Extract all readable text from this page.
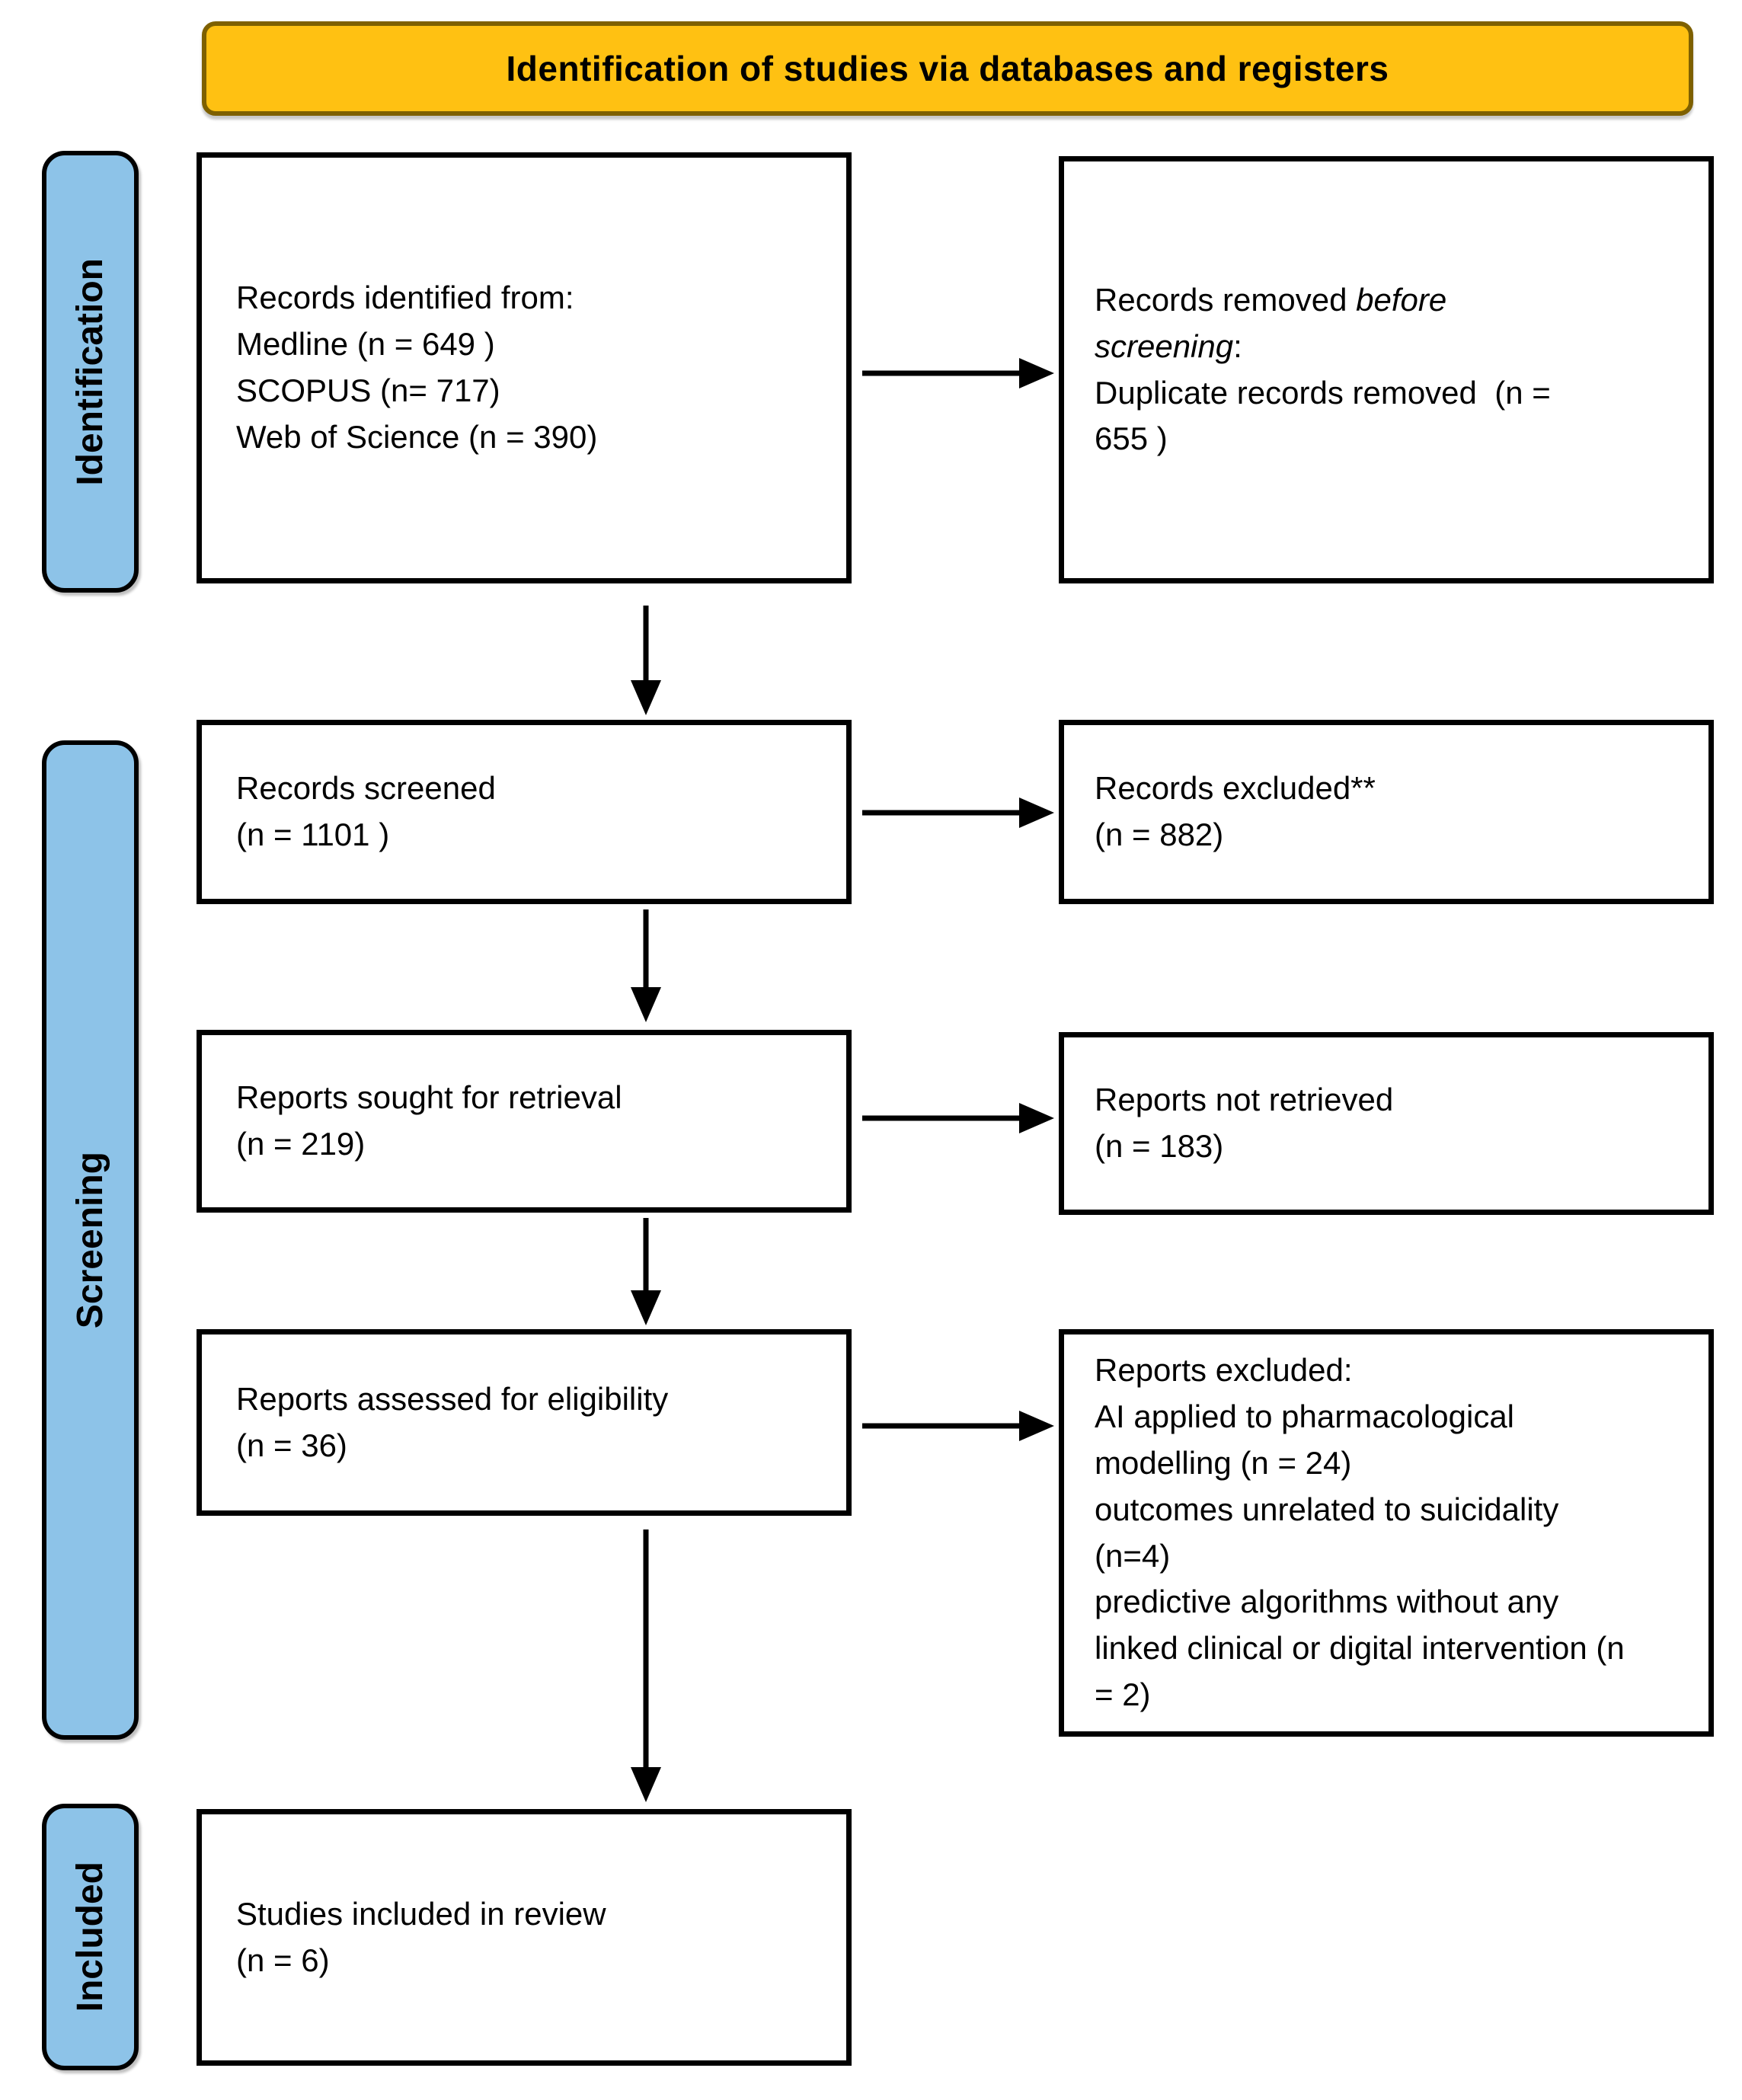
Identification of studies via databases and registers
Identification
Screening
Included
Records identified from:
Medline (n = 649 )
SCOPUS (n= 717)
Web of Science (n = 390)
Records screened
(n = 1101 )
Reports sought for retrieval
(n = 219)
Reports assessed for eligibility
(n = 36)
Studies included in review
(n = 6)
Records removed before screening:
Duplicate records removed  (n = 655 )
Records excluded**
(n = 882)
Reports not retrieved
(n = 183)
Reports excluded:
AI applied to pharmacological modelling (n = 24)
outcomes unrelated to suicidality (n=4)
predictive algorithms without any linked clinical or digital intervention (n = 2)
